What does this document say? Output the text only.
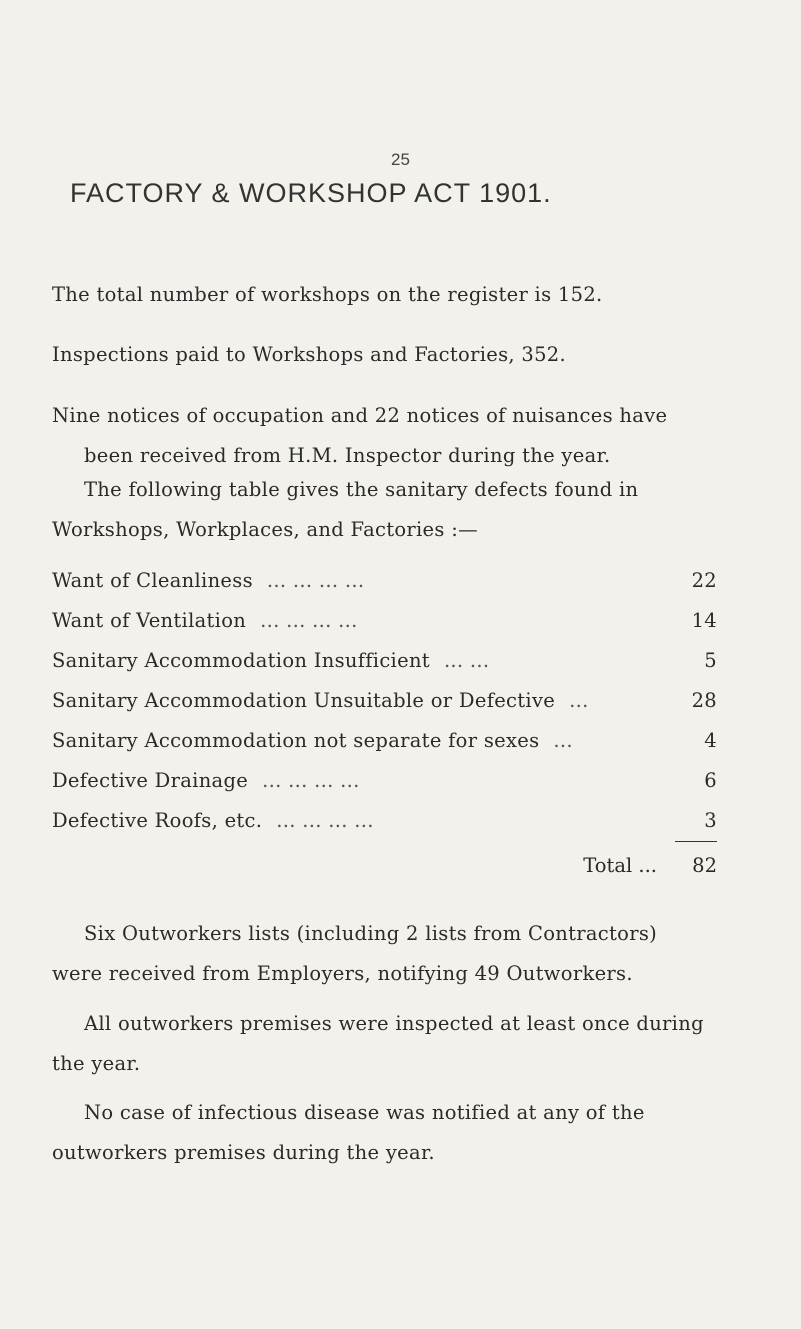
25
FACTORY & WORKSHOP ACT 1901.

The total number of workshops on the register is 152.

Inspections paid to Workshops and Factories, 352.

Nine notices of occupation and 22 notices of nuisances have
been received from H.M. Inspector during the year.

The following table gives the sanitary defects found in
Workshops, Workplaces, and Factories :—

Want of Cleanliness ... ... ... ...	22
Want of Ventilation ... ... ... ...	14
Sanitary Accommodation Insufficient ... ...	5
Sanitary Accommodation Unsuitable or Defective ...	28
Sanitary Accommodation not separate for sexes ...	4
Defective Drainage ... ... ... ...	6
Defective Roofs, etc. ... ... ... ...	3
Total ...	82

Six Outworkers lists (including 2 lists from Contractors)
were received from Employers, notifying 49 Outworkers.

All outworkers premises were inspected at least once during
the year.

No case of infectious disease was notified at any of the
outworkers premises during the year.
